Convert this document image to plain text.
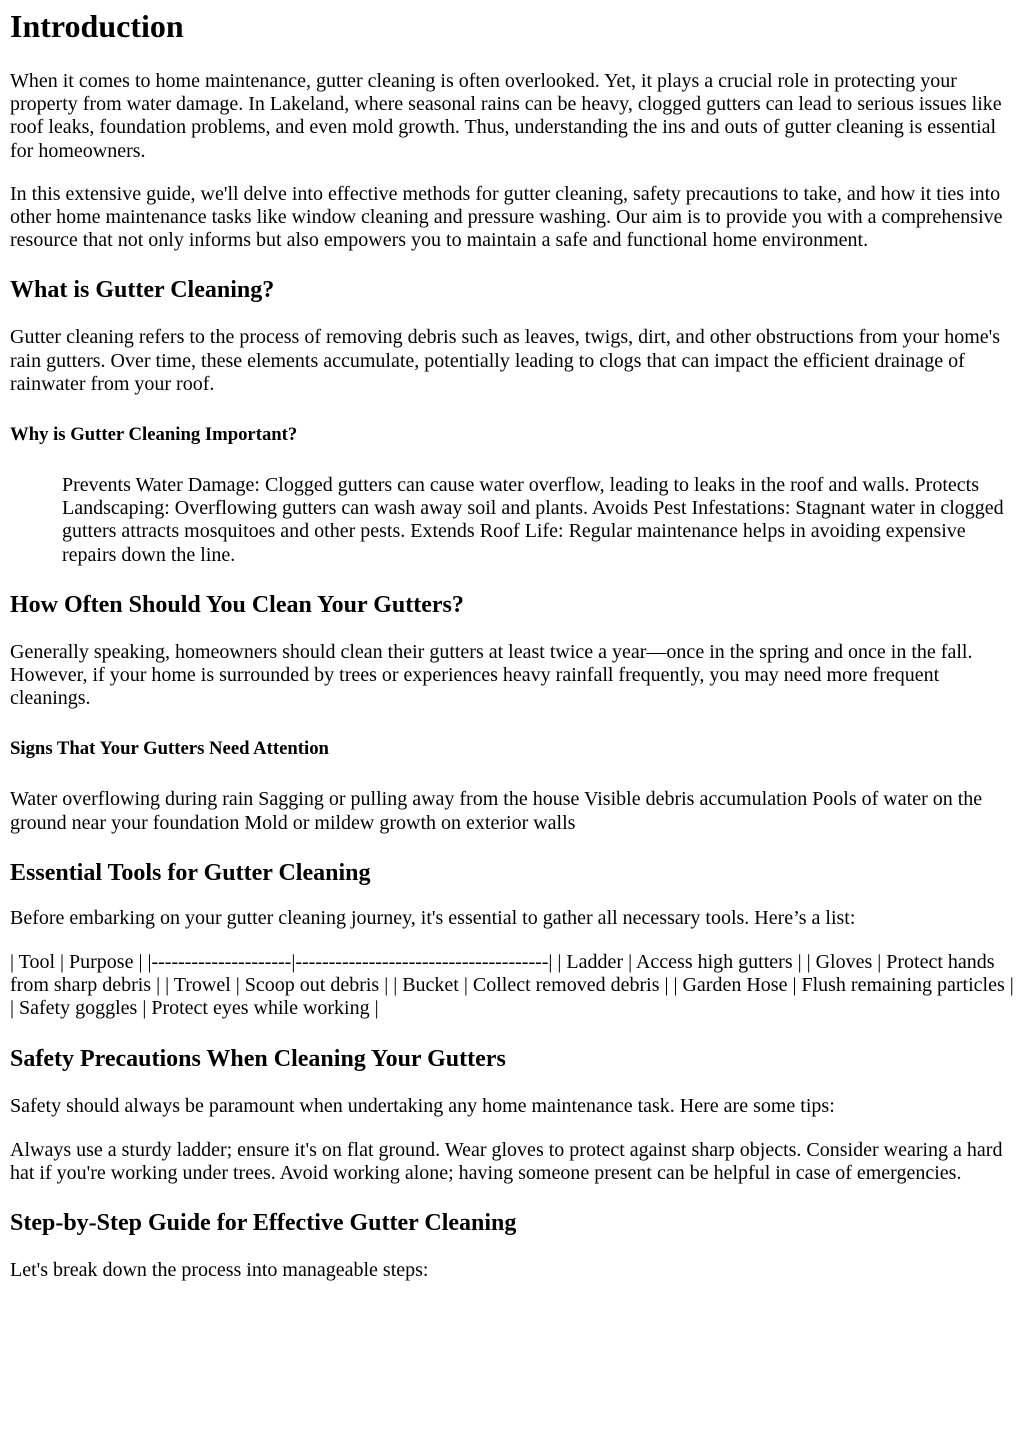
Introduction

When it comes to home maintenance, gutter cleaning is often overlooked. Yet, it plays a crucial role in protecting your property from water damage. In Lakeland, where seasonal rains can be heavy, clogged gutters can lead to serious issues like roof leaks, foundation problems, and even mold growth. Thus, understanding the ins and outs of gutter cleaning is essential for homeowners.

In this extensive guide, we'll delve into effective methods for gutter cleaning, safety precautions to take, and how it ties into other home maintenance tasks like window cleaning and pressure washing. Our aim is to provide you with a comprehensive resource that not only informs but also empowers you to maintain a safe and functional home environment.

What is Gutter Cleaning?

Gutter cleaning refers to the process of removing debris such as leaves, twigs, dirt, and other obstructions from your home's rain gutters. Over time, these elements accumulate, potentially leading to clogs that can impact the efficient drainage of rainwater from your roof.

Why is Gutter Cleaning Important?
Prevents Water Damage: Clogged gutters can cause water overflow, leading to leaks in the roof and walls. Protects Landscaping: Overflowing gutters can wash away soil and plants. Avoids Pest Infestations: Stagnant water in clogged gutters attracts mosquitoes and other pests. Extends Roof Life: Regular maintenance helps in avoiding expensive repairs down the line.
How Often Should You Clean Your Gutters?

Generally speaking, homeowners should clean their gutters at least twice a year—once in the spring and once in the fall. However, if your home is surrounded by trees or experiences heavy rainfall frequently, you may need more frequent cleanings.

Signs That Your Gutters Need Attention

Water overflowing during rain Sagging or pulling away from the house Visible debris accumulation Pools of water on the ground near your foundation Mold or mildew growth on exterior walls

Essential Tools for Gutter Cleaning

Before embarking on your gutter cleaning journey, it's essential to gather all necessary tools. Here’s a list:

| Tool | Purpose | |---------------------|--------------------------------------| | Ladder | Access high gutters | | Gloves | Protect hands from sharp debris | | Trowel | Scoop out debris | | Bucket | Collect removed debris | | Garden Hose | Flush remaining particles | | Safety goggles | Protect eyes while working |

Safety Precautions When Cleaning Your Gutters

Safety should always be paramount when undertaking any home maintenance task. Here are some tips:

Always use a sturdy ladder; ensure it's on flat ground. Wear gloves to protect against sharp objects. Consider wearing a hard hat if you're working under trees. Avoid working alone; having someone present can be helpful in case of emergencies.

Step-by-Step Guide for Effective Gutter Cleaning

Let's break down the process into manageable steps:
